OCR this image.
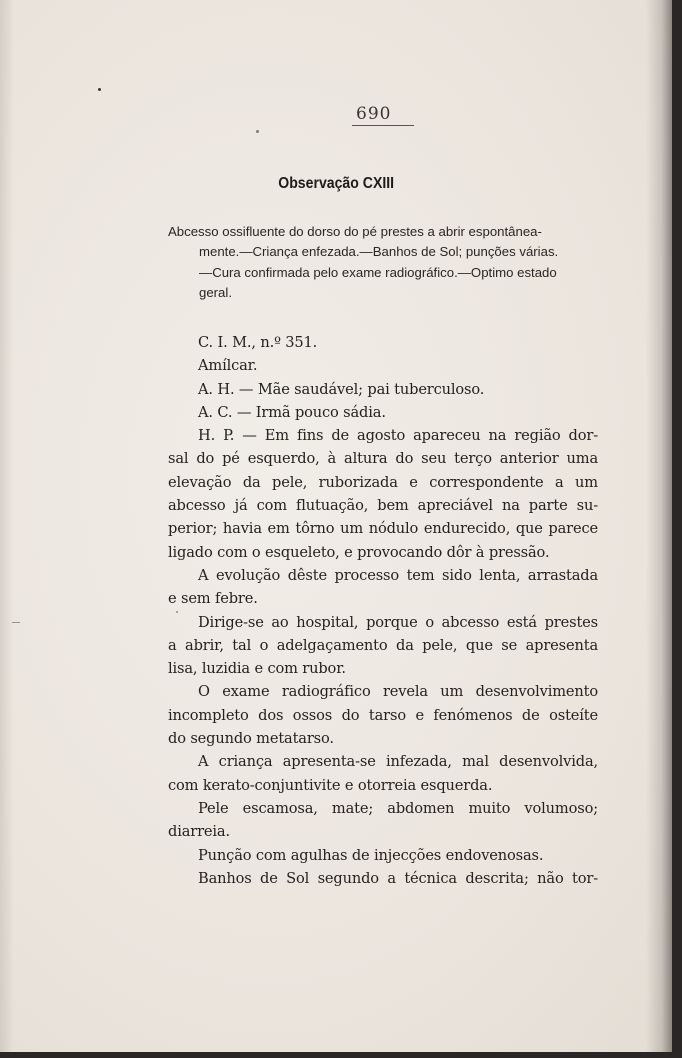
690
Observação CXIII
Abcesso ossifluente do dorso do pé prestes a abrir espontânea-
mente.—Criança enfezada.—Banhos de Sol; punções várias.
—Cura confirmada pelo exame radiográfico.—Optimo estado
geral.
C. I. M., n.º 351.
Amílcar.
A. H. — Mãe saudável; pai tuberculoso.
A. C. — Irmã pouco sádia.
H. P. — Em fins de agosto apareceu na região dor-
sal do pé esquerdo, à altura do seu terço anterior uma
elevação da pele, ruborizada e correspondente a um
abcesso já com flutuação, bem apreciável na parte su-
perior; havia em tôrno um nódulo endurecido, que parece
ligado com o esqueleto, e provocando dôr à pressão.
A evolução dêste processo tem sido lenta, arrastada
e sem febre.
Dirige-se ao hospital, porque o abcesso está prestes
a abrir, tal o adelgaçamento da pele, que se apresenta
lisa, luzidia e com rubor.
O exame radiográfico revela um desenvolvimento
incompleto dos ossos do tarso e fenómenos de osteíte
do segundo metatarso.
A criança apresenta-se infezada, mal desenvolvida,
com kerato-conjuntivite e otorreia esquerda.
Pele escamosa, mate; abdomen muito volumoso;
diarreia.
Punção com agulhas de injecções endovenosas.
Banhos de Sol segundo a técnica descrita; não tor-
